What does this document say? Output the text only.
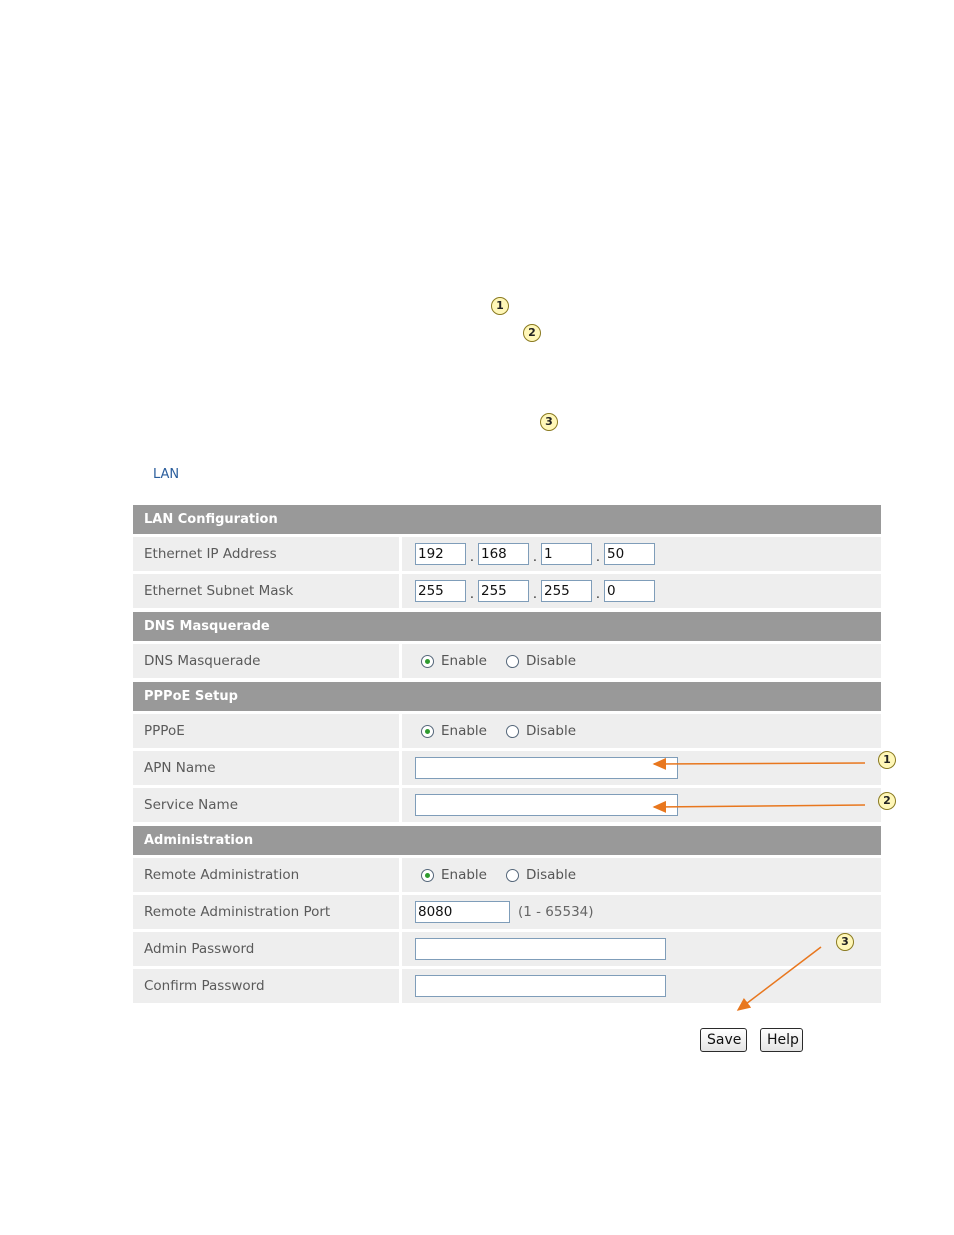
1
2
3
LAN
LAN Configuration
Ethernet IP Address	192	. 168	. 1	. 50
Ethernet Subnet Mask	255	. 255	. 255	. 0
DNS Masquerade
DNS Masquerade	Enable	Disable
PPPoE Setup
PPPoE	Enable	Disable
APN Name
Service Name
Administration
Remote Administration	Enable	Disable
Remote Administration Port	8080	(1 - 65534)
Admin Password
Confirm Password
1
2
3
Save	Help
